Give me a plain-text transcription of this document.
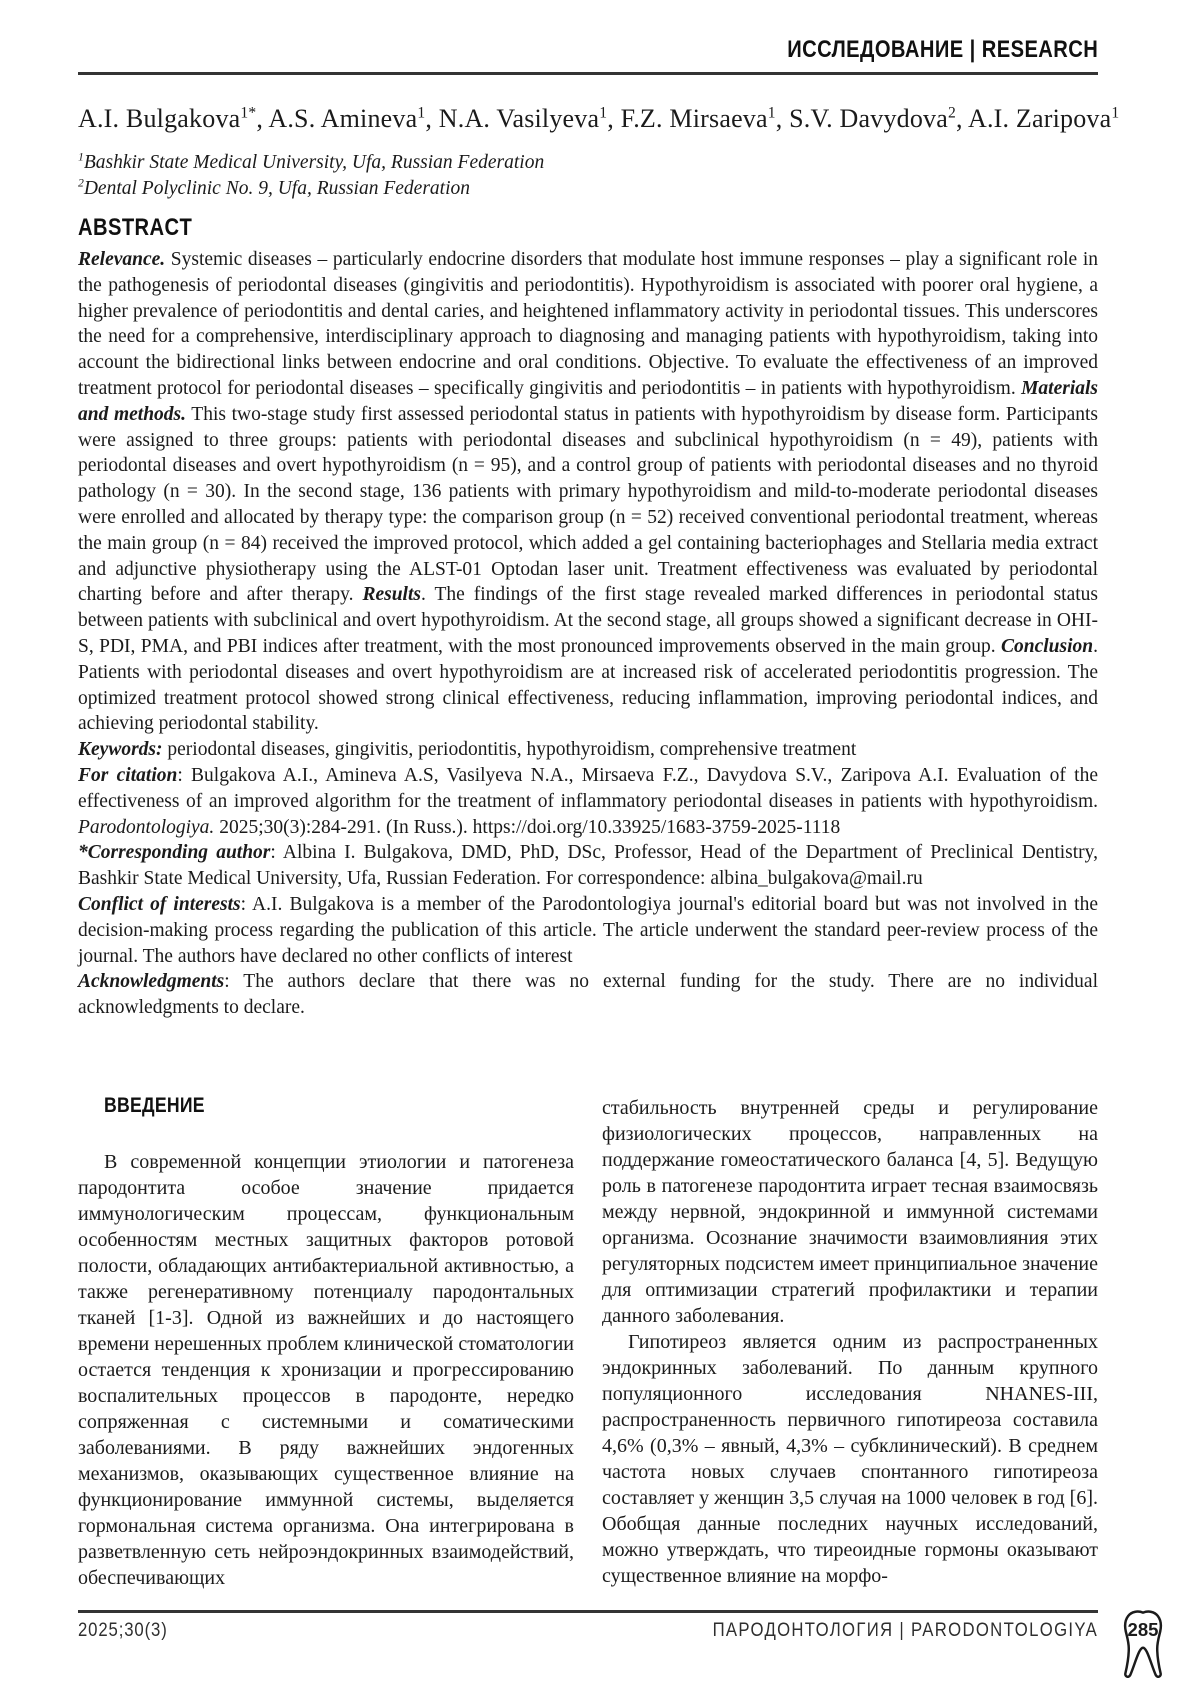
ИССЛЕДОВАНИЕ | RESEARCH
A.I. Bulgakova$^{1*}$, A.S. Amineva$^1$, N.A. Vasilyeva$^1$, F.Z. Mirsaeva$^1$, S.V. Davydova$^2$, A.I. Zaripova$^1$

$^1$Bashkir State Medical University, Ufa, Russian Federation

$^2$Dental Polyclinic No. 9, Ufa, Russian Federation

ABSTRACT

Relevance. Systemic diseases – particularly endocrine disorders that modulate host immune responses – play a significant role in the pathogenesis of periodontal diseases (gingivitis and periodontitis). Hypothyroidism is associated with poorer oral hygiene, a higher prevalence of periodontitis and dental caries, and heightened inflammatory activity in periodontal tissues. This underscores the need for a comprehensive, interdisciplinary approach to diagnosing and managing patients with hypothyroidism, taking into account the bidirectional links between endocrine and oral conditions. Objective. To evaluate the effectiveness of an improved treatment protocol for periodontal diseases – specifically gingivitis and periodontitis – in patients with hypothyroidism. Materials and methods. This two-stage study first assessed periodontal status in patients with hypothyroidism by disease form. Participants were assigned to three groups: patients with periodontal diseases and subclinical hypothyroidism (n = 49), patients with periodontal diseases and overt hypothyroidism (n = 95), and a control group of patients with periodontal diseases and no thyroid pathology (n = 30). In the second stage, 136 patients with primary hypothyroidism and mild-to-moderate periodontal diseases were enrolled and allocated by therapy type: the comparison group (n = 52) received conventional periodontal treatment, whereas the main group (n = 84) received the improved protocol, which added a gel containing bacteriophages and Stellaria media extract and adjunctive physiotherapy using the ALST-01 Optodan laser unit. Treatment effectiveness was evaluated by periodontal charting before and after therapy. Results. The findings of the first stage revealed marked differences in periodontal status between patients with subclinical and overt hypothyroidism. At the second stage, all groups showed a significant decrease in OHI-S, PDI, PMA, and PBI indices after treatment, with the most pronounced improvements observed in the main group. Conclusion. Patients with periodontal diseases and overt hypothyroidism are at increased risk of accelerated periodontitis progression. The optimized treatment protocol showed strong clinical effectiveness, reducing inflammation, improving periodontal indices, and achieving periodontal stability.

Keywords: periodontal diseases, gingivitis, periodontitis, hypothyroidism, comprehensive treatment

For citation: Bulgakova A.I., Amineva A.S, Vasilyeva N.A., Mirsaeva F.Z., Davydova S.V., Zaripova A.I. Evaluation of the effectiveness of an improved algorithm for the treatment of inflammatory periodontal diseases in patients with hypothyroidism. Parodontologiya. 2025;30(3):284-291. (In Russ.). https://doi.org/10.33925/1683-3759-2025-1118

*Corresponding author: Albina I. Bulgakova, DMD, PhD, DSc, Professor, Head of the Department of Preclinical Dentistry, Bashkir State Medical University, Ufa, Russian Federation. For correspondence: albina_bulgakova@mail.ru

Conflict of interests: A.I. Bulgakova is a member of the Parodontologiya journal's editorial board but was not involved in the decision-making process regarding the publication of this article. The article underwent the standard peer-review process of the journal. The authors have declared no other conflicts of interest

Acknowledgments: The authors declare that there was no external funding for the study. There are no individual acknowledgments to declare.

ВВЕДЕНИЕ

В современной концепции этиологии и патогенеза пародонтита особое значение придается иммунологическим процессам, функциональным особенностям местных защитных факторов ротовой полости, обладающих антибактериальной активностью, а также регенеративному потенциалу пародонтальных тканей [1-3]. Одной из важнейших и до настоящего времени нерешенных проблем клинической стоматологии остается тенденция к хронизации и прогрессированию воспалительных процессов в пародонте, нередко сопряженная с системными и соматическими заболеваниями. В ряду важнейших эндогенных механизмов, оказывающих существенное влияние на функционирование иммунной системы, выделяется гормональная система организма. Она интегрирована в разветвленную сеть нейроэндокринных взаимодействий, обеспечивающих

стабильность внутренней среды и регулирование физиологических процессов, направленных на поддержание гомеостатического баланса [4, 5]. Ведущую роль в патогенезе пародонтита играет тесная взаимосвязь между нервной, эндокринной и иммунной системами организма. Осознание значимости взаимовлияния этих регуляторных подсистем имеет принципиальное значение для оптимизации стратегий профилактики и терапии данного заболевания.

Гипотиреоз является одним из распространенных эндокринных заболеваний. По данным крупного популяционного исследования NHANES-III, распространенность первичного гипотиреоза составила 4,6% (0,3% – явный, 4,3% – субклинический). В среднем частота новых случаев спонтанного гипотиреоза составляет у женщин 3,5 случая на 1000 человек в год [6]. Обобщая данные последних научных исследований, можно утверждать, что тиреоидные гормоны оказывают существенное влияние на морфо-

2025;30(3)	ПАРОДОНТОЛОГИЯ | PARODONTOLOGIYA 285
